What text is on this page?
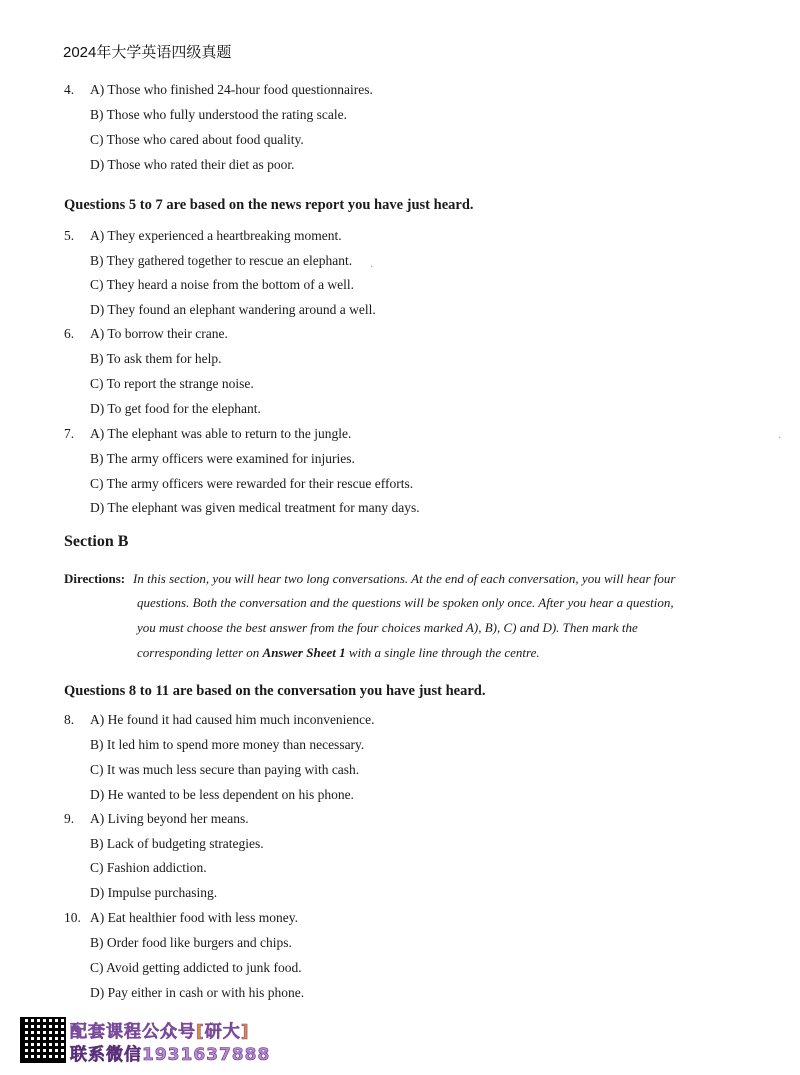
2024年大学英语四级真题
4. A) Those who finished 24-hour food questionnaires.
B) Those who fully understood the rating scale.
C) Those who cared about food quality.
D) Those who rated their diet as poor.
Questions 5 to 7 are based on the news report you have just heard.
5. A) They experienced a heartbreaking moment.
B) They gathered together to rescue an elephant.
C) They heard a noise from the bottom of a well.
D) They found an elephant wandering around a well.
6. A) To borrow their crane.
B) To ask them for help.
C) To report the strange noise.
D) To get food for the elephant.
7. A) The elephant was able to return to the jungle.
B) The army officers were examined for injuries.
C) The army officers were rewarded for their rescue efforts.
D) The elephant was given medical treatment for many days.
Section B
Directions: In this section, you will hear two long conversations. At the end of each conversation, you will hear four
questions. Both the conversation and the questions will be spoken only once. After you hear a question,
you must choose the best answer from the four choices marked A), B), C) and D). Then mark the
corresponding letter on Answer Sheet 1 with a single line through the centre.
Questions 8 to 11 are based on the conversation you have just heard.
8. A) He found it had caused him much inconvenience.
B) It led him to spend more money than necessary.
C) It was much less secure than paying with cash.
D) He wanted to be less dependent on his phone.
9. A) Living beyond her means.
B) Lack of budgeting strategies.
C) Fashion addiction.
D) Impulse purchasing.
10. A) Eat healthier food with less money.
B) Order food like burgers and chips.
C) Avoid getting addicted to junk food.
D) Pay either in cash or with his phone.
配套课程公众号[研大]
联系微信1931637888
·
·
